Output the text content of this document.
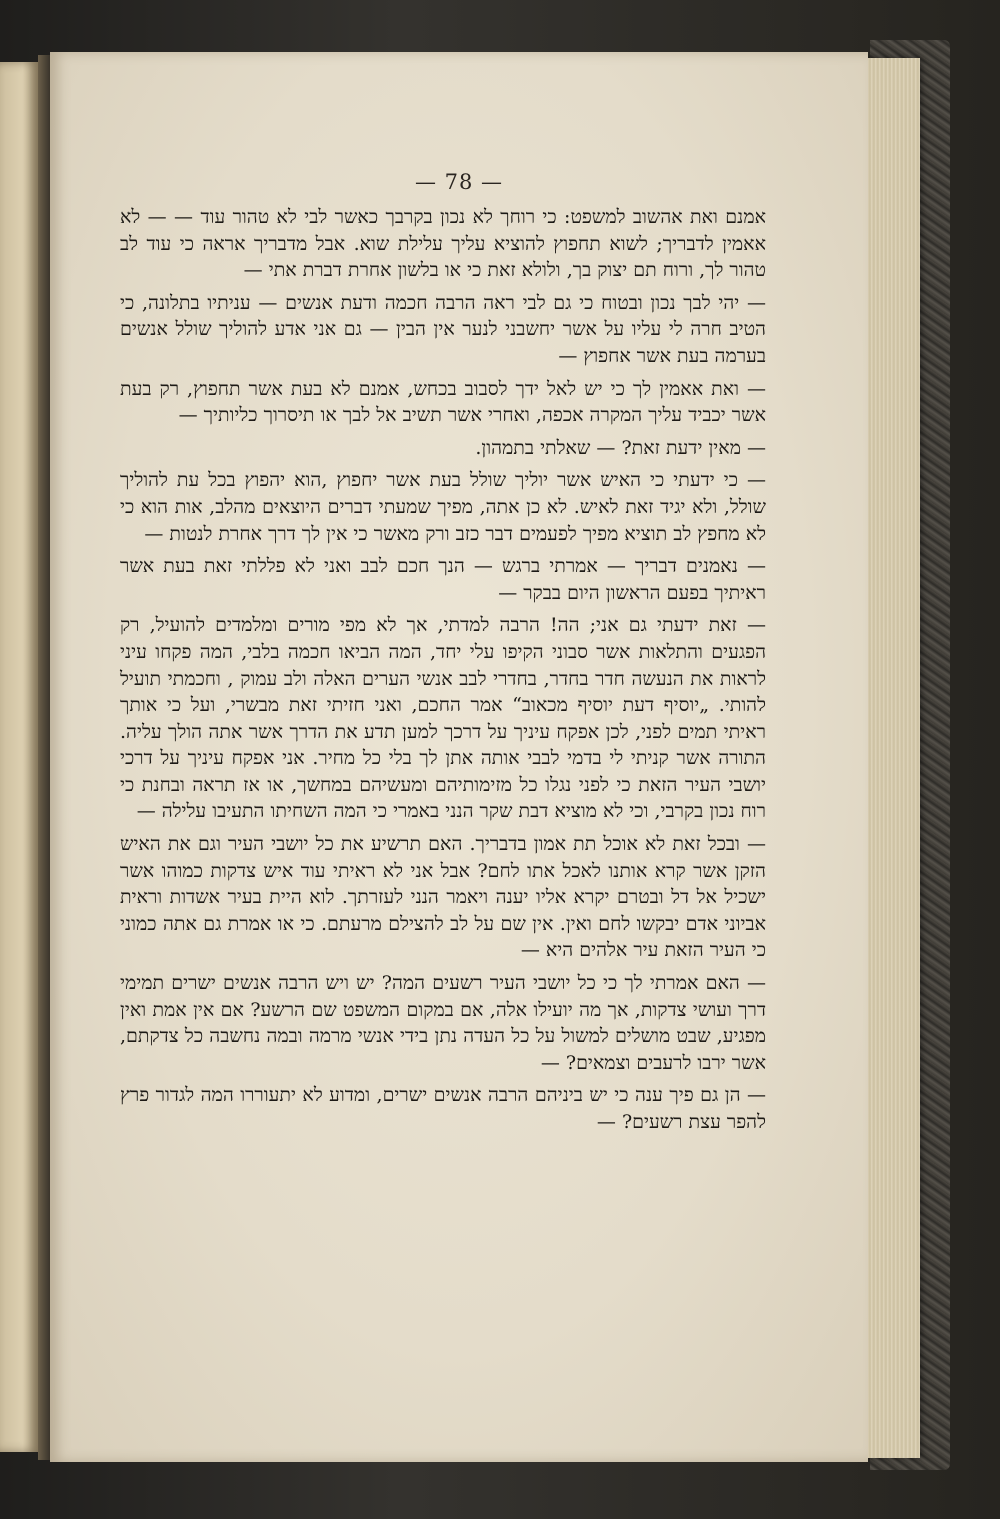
— 78 —

אמנם ואת אהשוב למשפט: כי רוחך לא נכון בקרבך כאשר לבי לא טהור עוד — — לא אאמין לדבריך; לשוא תחפוץ להוציא עליך עלילת שוא. אבל מדבריך אראה כי עוד לב טהור לך, ורוח תם יצוק בך, ולולא זאת כי או בלשון אחרת דברת אתי —

— יהי לבך נכון ובטוח כי גם לבי ראה הרבה חכמה ודעת אנשים — עניתיו בתלונה, כי הטיב חרה לי עליו על אשר יחשבני לנער אין הבין — גם אני אדע להוליך שולל אנשים בערמה בעת אשר אחפוץ —

— ואת אאמין לך כי יש לאל ידך לסבוב בכחש, אמנם לא בעת אשר תחפוץ, רק בעת אשר יכביד עליך המקרה אכפה, ואחרי אשר תשיב אל לבך או תיסרוך כליותיך —

— מאין ידעת זאת? — שאלתי בתמהון.

— כי ידעתי כי האיש אשר יוליך שולל בעת אשר יחפוץ ,הוא יהפוץ בכל עת להוליך שולל, ולא יגיד זאת לאיש. לא כן אתה, מפיך שמעתי דברים היוצאים מהלב, אות הוא כי לא מחפץ לב תוציא מפיך לפעמים דבר כזב ורק מאשר כי אין לך דרך אחרת לנטות —

— נאמנים דבריך — אמרתי ברגש — הנך חכם לבב ואני לא פללתי זאת בעת אשר ראיתיך בפעם הראשון היום בבקר —

— זאת ידעתי גם אני; הה! הרבה למדתי, אך לא מפי מורים ומלמדים להועיל, רק הפגעים והתלאות אשר סבוני הקיפו עלי יחד, המה הביאו חכמה בלבי, המה פקחו עיני לראות את הנעשה חדר בחדר, בחדרי לבב אנשי הערים האלה ולב עמוק , וחכמתי תועיל להותי. „יוסיף דעת יוסיף מכאוב“ אמר החכם, ואני חזיתי זאת מבשרי, ועל כי אותך ראיתי תמים לפני, לכן אפקח עיניך על דרכך למען תדע את הדרך אשר אתה הולך עליה. התורה אשר קניתי לי בדמי לבבי אותה אתן לך בלי כל מחיר. אני אפקח עיניך על דרכי יושבי העיר הזאת כי לפני נגלו כל מזימותיהם ומעשיהם במחשך, או אז תראה ובחנת כי רוח נכון בקרבי, וכי לא מוציא דבת שקר הנני באמרי כי המה השחיתו התעיבו עלילה —

— ובכל זאת לא אוכל תת אמון בדבריך. האם תרשיע את כל יושבי העיר וגם את האיש הזקן אשר קרא אותנו לאכל אתו לחם? אבל אני לא ראיתי עוד איש צדקות כמוהו אשר ישכיל אל דל ובטרם יקרא אליו יענה ויאמר הנני לעזרתך. לוא היית בעיר אשדות וראית אביוני אדם יבקשו לחם ואין. אין שם על לב להצילם מרעתם. כי או אמרת גם אתה כמוני כי העיר הזאת עיר אלהים היא —

— האם אמרתי לך כי כל יושבי העיר רשעים המה? יש ויש הרבה אנשים ישרים תמימי דרך ועושי צדקות, אך מה יועילו אלה, אם במקום המשפט שם הרשע? אם אין אמת ואין מפגיע, שבט מושלים למשול על כל העדה נתן בידי אנשי מרמה ובמה נחשבה כל צדקתם, אשר ירבו לרעבים וצמאים? —

— הן גם פיך ענה כי יש ביניהם הרבה אנשים ישרים, ומדוע לא יתעוררו המה לגדור פרץ להפר עצת רשעים? —
